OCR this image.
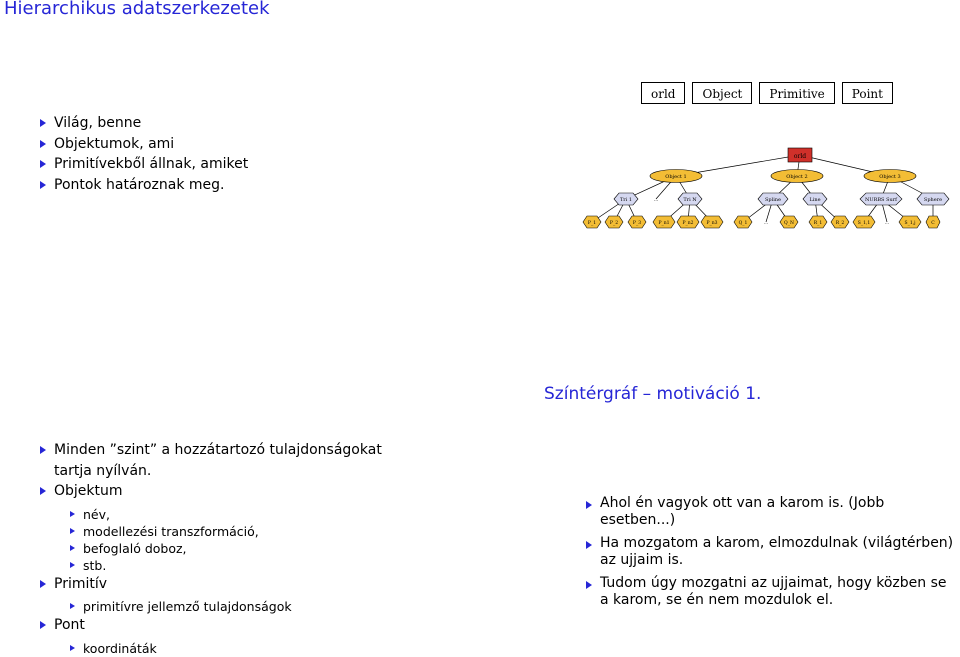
Hierarchikus adatszerkezetek
Világ, benne
Objektumok, ami
Primitívekből állnak, amiket
Pontok határoznak meg.
orld	Object	Primitive	Point
orld
Object 1	Object 2	Object 3
Tri 1	...	Tri N	Spline	Line	NURBS Surf	Sphere
P_1	P_2	P_3	P_n1	P_n2	P_n3	Q_1	...	Q_N	R_1	R_2	S_1,1	...	S_1,j	C
Színtérgráf – motiváció 1.
Minden ”szint” a hozzátartozó tulajdonságokat tartja nyílván.
Objektum
név,
modellezési transzformáció,
befoglaló doboz,
stb.
Primitív
primitívre jellemző tulajdonságok
Pont
koordináták
Ahol én vagyok ott van a karom is. (Jobb esetben...)
Ha mozgatom a karom, elmozdulnak (világtérben) az ujjaim is.
Tudom úgy mozgatni az ujjaimat, hogy közben se a karom, se én nem mozdulok el.
